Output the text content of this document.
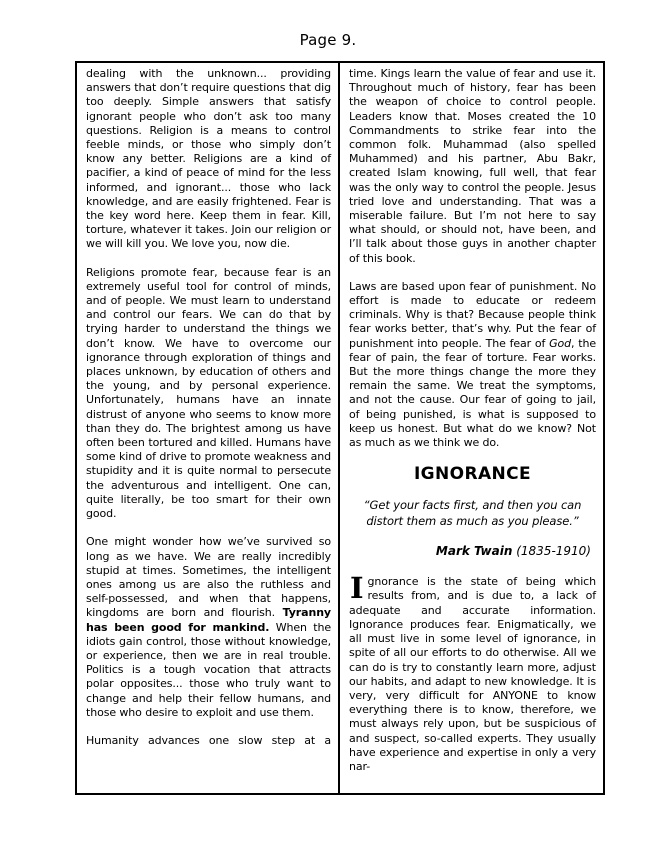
Page 9.

dealing with the unknown... providing answers that don’t require questions that dig too deeply. Simple answers that satisfy ignorant people who don’t ask too many questions. Religion is a means to control feeble minds, or those who simply don’t know any better. Religions are a kind of pacifier, a kind of peace of mind for the less informed, and ignorant... those who lack knowledge, and are easily frightened. Fear is the key word here. Keep them in fear. Kill, torture, whatever it takes. Join our religion or we will kill you. We love you, now die.

Religions promote fear, because fear is an extremely useful tool for control of minds, and of people. We must learn to understand and control our fears. We can do that by trying harder to understand the things we don’t know. We have to overcome our ignorance through exploration of things and places unknown, by education of others and the young, and by personal experience. Unfortunately, humans have an innate distrust of anyone who seems to know more than they do. The brightest among us have often been tortured and killed. Humans have some kind of drive to promote weakness and stupidity and it is quite normal to persecute the adventurous and intelligent. One can, quite literally, be too smart for their own good.

One might wonder how we’ve survived so long as we have. We are really incredibly stupid at times. Sometimes, the intelligent ones among us are also the ruthless and self-possessed, and when that happens, kingdoms are born and flourish. Tyranny has been good for mankind. When the idiots gain control, those without knowledge, or experience, then we are in real trouble. Politics is a tough vocation that attracts polar opposites... those who truly want to change and help their fellow humans, and those who desire to exploit and use them.

Humanity advances one slow step at a

time. Kings learn the value of fear and use it. Throughout much of history, fear has been the weapon of choice to control people. Leaders know that. Moses created the 10 Commandments to strike fear into the common folk. Muhammad (also spelled Muhammed) and his partner, Abu Bakr, created Islam knowing, full well, that fear was the only way to control the people. Jesus tried love and understanding. That was a miserable failure. But I’m not here to say what should, or should not, have been, and I’ll talk about those guys in another chapter of this book.

Laws are based upon fear of punishment. No effort is made to educate or redeem criminals. Why is that? Because people think fear works better, that’s why. Put the fear of punishment into people. The fear of God, the fear of pain, the fear of torture. Fear works. But the more things change the more they remain the same. We treat the symptoms, and not the cause. Our fear of going to jail, of being punished, is what is supposed to keep us honest. But what do we know? Not as much as we think we do.

IGNORANCE
“Get your facts first, and then you can distort them as much as you please.”
Mark Twain (1835-1910)

Ignorance is the state of being which results from, and is due to, a lack of adequate and accurate information. Ignorance produces fear. Enigmatically, we all must live in some level of ignorance, in spite of all our efforts to do otherwise. All we can do is try to constantly learn more, adjust our habits, and adapt to new knowledge. It is very, very difficult for ANYONE to know everything there is to know, therefore, we must always rely upon, but be suspicious of and suspect, so-called experts. They usually have experience and expertise in only a very nar-
